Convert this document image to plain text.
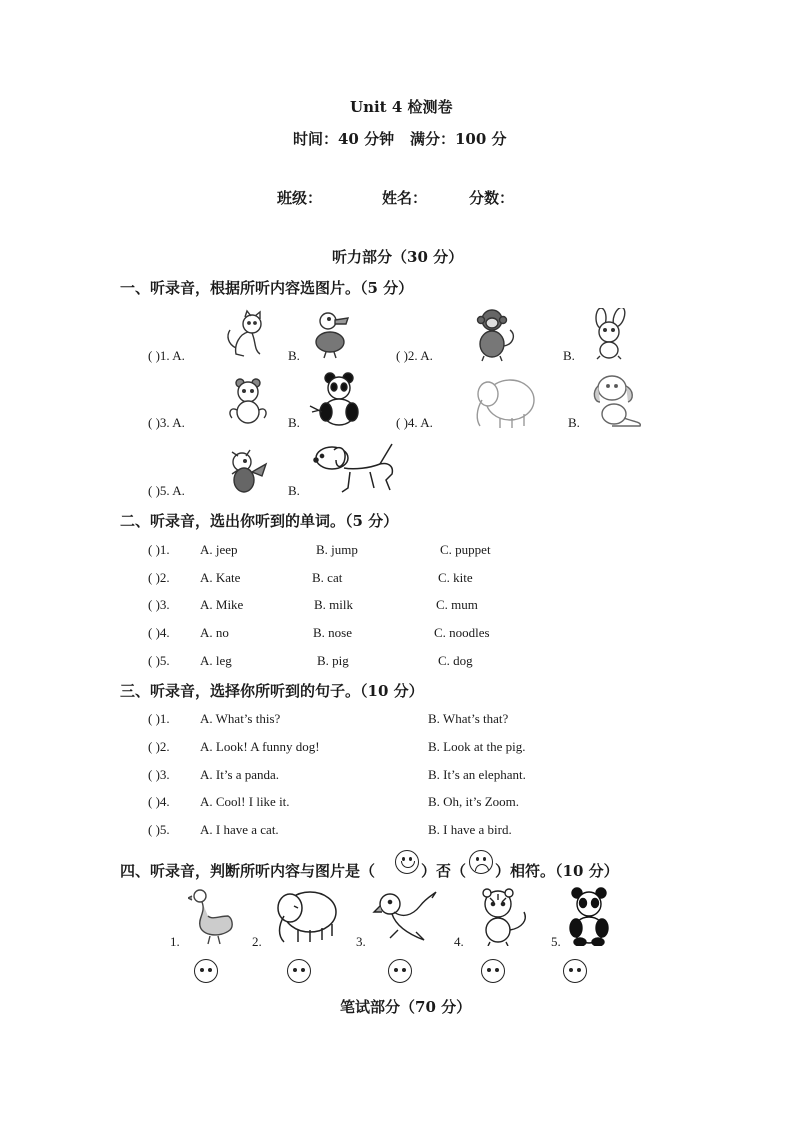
Unit 4 检测卷
时间：40 分钟 满分：100 分
班级：	姓名：	分数：
听力部分（30 分）
一、听录音，根据所听内容选图片。（5 分）
( )1. A.	B.	( )2. A.	B.
( )3. A.	B.	( )4. A.	B.
( )5. A.	B.
二、听录音，选出你听到的单词。（5 分）
( )1. A. jeep	B. jump	C. puppet
( )2. A. Kate	B. cat	C. kite
( )3. A. Mike	B. milk	C. mum
( )4. A. no	B. nose	C. noodles
( )5. A. leg	B. pig	C. dog
三、听录音，选择你所听到的句子。（10 分）
( )1. A. What’s this?	B. What’s that?
( )2. A. Look! A funny dog!	B. Look at the pig.
( )3. A. It’s a panda.	B. It’s an elephant.
( )4. A. Cool! I like it.	B. Oh, it’s Zoom.
( )5. A. I have a cat.	B. I have a bird.
四、听录音，判断所听内容与图片是（	）否（ ）相符。（10 分）
1.	2.	3.	4.	5.
笔试部分（70 分）
